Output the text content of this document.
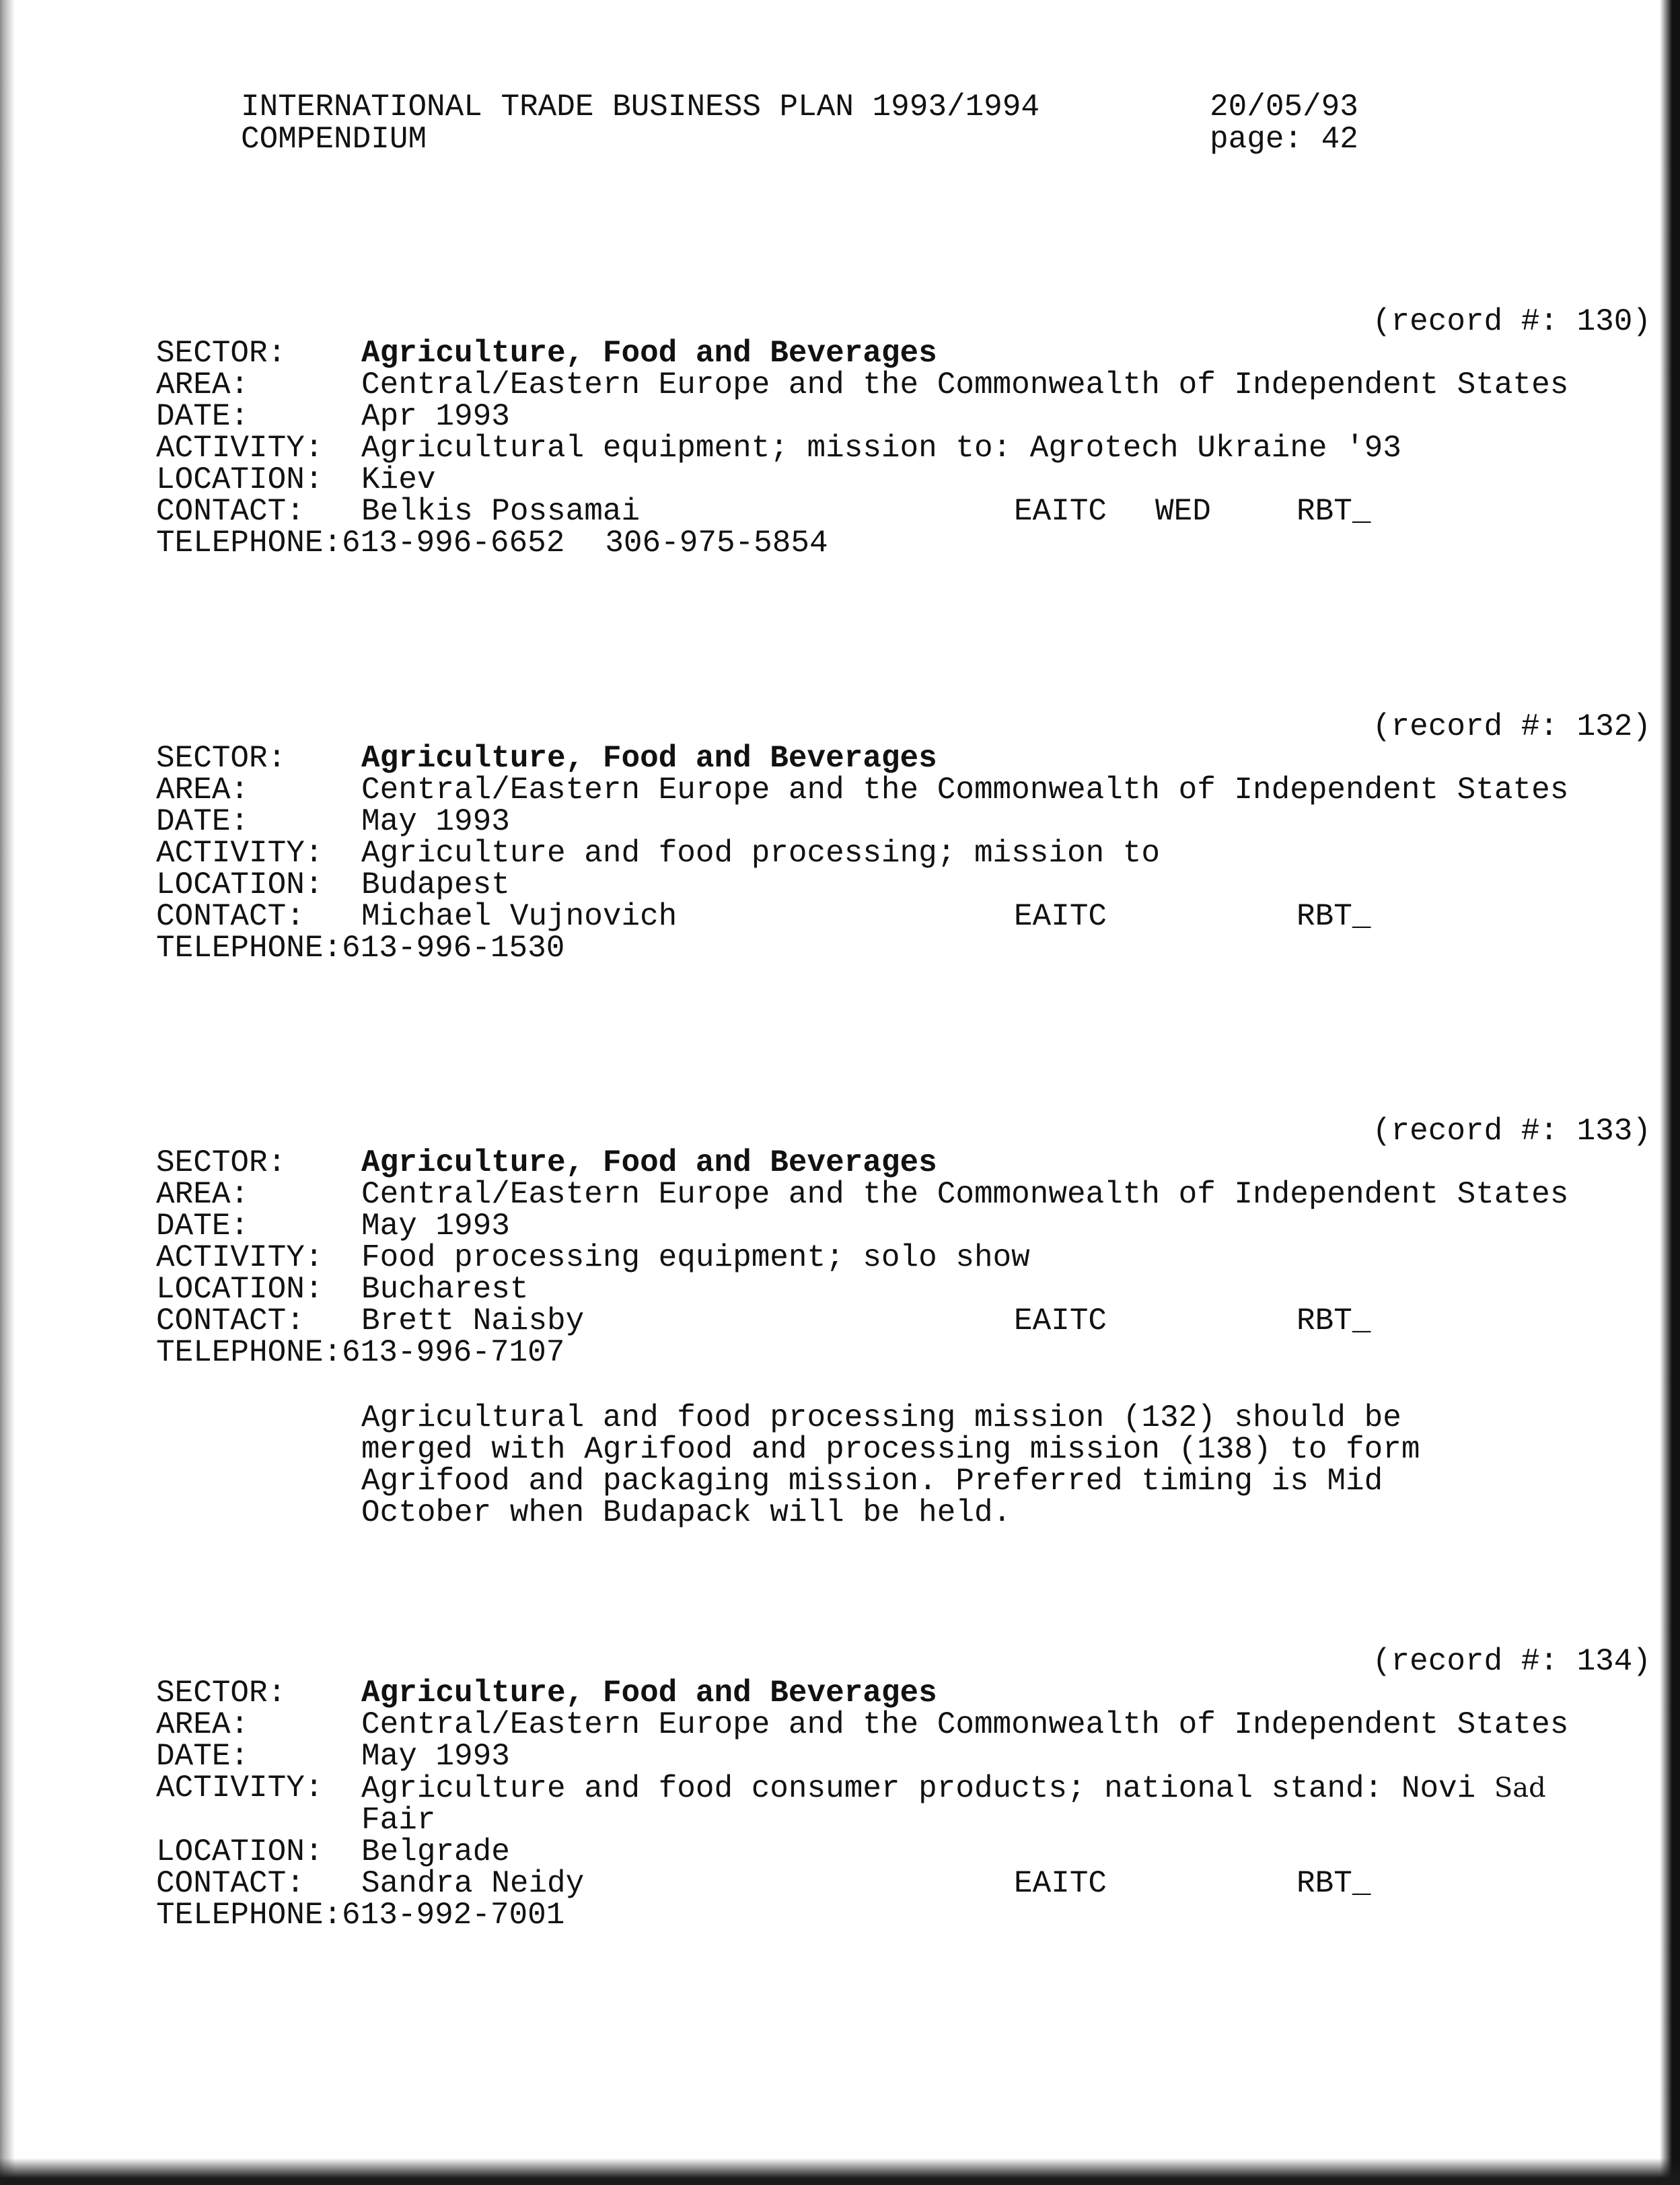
INTERNATIONAL TRADE BUSINESS PLAN 1993/1994	20/05/93
COMPENDIUM	page: 42
(record #: 130)
SECTOR:	Agriculture, Food and Beverages
AREA:	Central/Eastern Europe and the Commonwealth of Independent States
DATE:	Apr 1993
ACTIVITY:	Agricultural equipment; mission to: Agrotech Ukraine '93
LOCATION:	Kiev
CONTACT:	Belkis Possamai	EAITC	WED	RBT_
TELEPHONE: 613-996-6652 306-975-5854
(record #: 132)
SECTOR:	Agriculture, Food and Beverages
AREA:	Central/Eastern Europe and the Commonwealth of Independent States
DATE:	May 1993
ACTIVITY:	Agriculture and food processing; mission to
LOCATION:	Budapest
CONTACT:	Michael Vujnovich	EAITC	RBT_
TELEPHONE: 613-996-1530
(record #: 133)
SECTOR:	Agriculture, Food and Beverages
AREA:	Central/Eastern Europe and the Commonwealth of Independent States
DATE:	May 1993
ACTIVITY:	Food processing equipment; solo show
LOCATION:	Bucharest
CONTACT:	Brett Naisby	EAITC	RBT_
TELEPHONE: 613-996-7107
Agricultural and food processing mission (132) should be merged with Agrifood and processing mission (138) to form Agrifood and packaging mission. Preferred timing is Mid October when Budapack will be held.
(record #: 134)
SECTOR:	Agriculture, Food and Beverages
AREA:	Central/Eastern Europe and the Commonwealth of Independent States
DATE:	May 1993
ACTIVITY:	Agriculture and food consumer products; national stand: Novi Sad
Fair
LOCATION:	Belgrade
CONTACT:	Sandra Neidy	EAITC	RBT_
TELEPHONE: 613-992-7001
